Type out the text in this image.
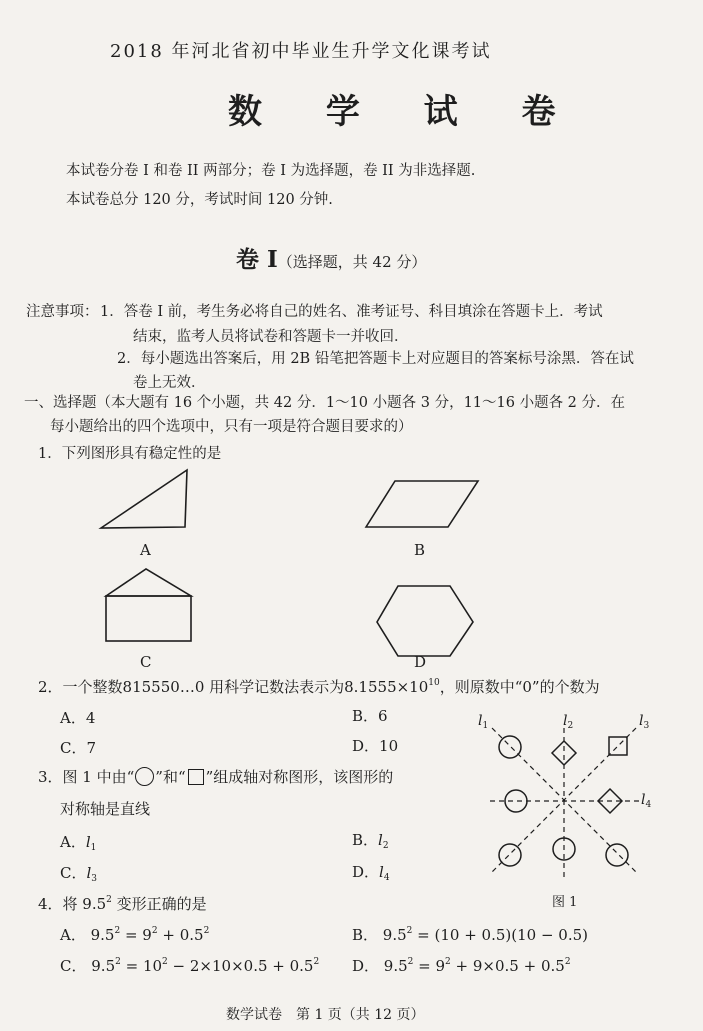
2018 年河北省初中毕业生升学文化课考试
数 学 试 卷
本试卷分卷 I 和卷 II 两部分；卷 I 为选择题，卷 II 为非选择题.
本试卷总分 120 分，考试时间 120 分钟.
卷 I（选择题，共 42 分）
注意事项： 1．答卷 I 前，考生务必将自己的姓名、准考证号、科目填涂在答题卡上．考试
结束，监考人员将试卷和答题卡一并收回．
2．每小题选出答案后，用 2B 铅笔把答题卡上对应题目的答案标号涂黑．答在试
卷上无效．
一、选择题（本大题有 16 个小题，共 42 分．1～10 小题各 3 分，11～16 小题各 2 分．在
每小题给出的四个选项中，只有一项是符合题目要求的）
1．下列图形具有稳定性的是
A	B
C	D
2．一个整数815550…0 用科学记数法表示为$8.1555\times 10^{10}$，则原数中“0”的个数为
A．4	B．6
C．7	D．10
3．图 1 中由“ ”和“ ”组成轴对称图形，该图形的
对称轴是直线
A．$l_1$	B．$l_2$
C．$l_3$	D．$l_4$
$l_1$	$l_2$	$l_3$
$l_4$
图 1
4．将 $9.5^2$ 变形正确的是
A． $9.5^2 = 9^2 + 0.5^2$	B． $9.5^2 = (10 + 0.5)(10 - 0.5)$
C． $9.5^2 = 10^2 - 2\times 10\times 0.5 + 0.5^2$ D． $9.5^2 = 9^2 + 9\times 0.5 + 0.5^2$
数学试卷　第 1 页（共 12 页）
